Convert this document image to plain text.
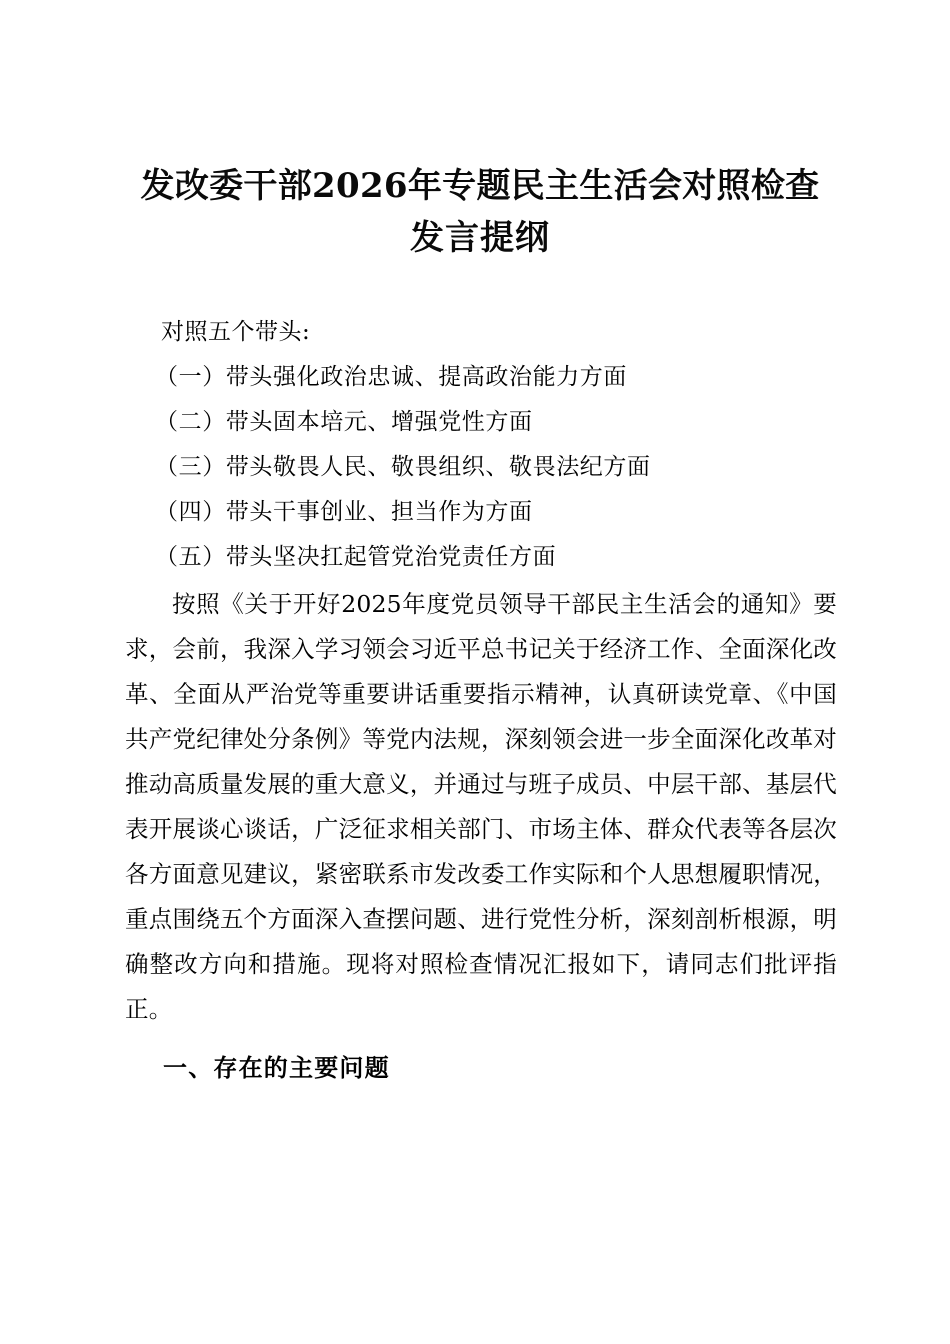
发改委干部2026年专题民主生活会对照检查
发言提纲
对照五个带头:
（一）带头强化政治忠诚、提高政治能力方面
（二）带头固本培元、增强党性方面
（三）带头敬畏人民、敬畏组织、敬畏法纪方面
（四）带头干事创业、担当作为方面
（五）带头坚决扛起管党治党责任方面

按照《关于开好2025年度党员领导干部民主生活会的通知》要求，会前，我深入学习领会习近平总书记关于经济工作、全面深化改革、全面从严治党等重要讲话重要指示精神，认真研读党章、《中国共产党纪律处分条例》等党内法规，深刻领会进一步全面深化改革对推动高质量发展的重大意义，并通过与班子成员、中层干部、基层代表开展谈心谈话，广泛征求相关部门、市场主体、群众代表等各层次各方面意见建议，紧密联系市发改委工作实际和个人思想履职情况，重点围绕五个方面深入查摆问题、进行党性分析，深刻剖析根源，明确整改方向和措施。现将对照检查情况汇报如下，请同志们批评指正。

一、存在的主要问题
